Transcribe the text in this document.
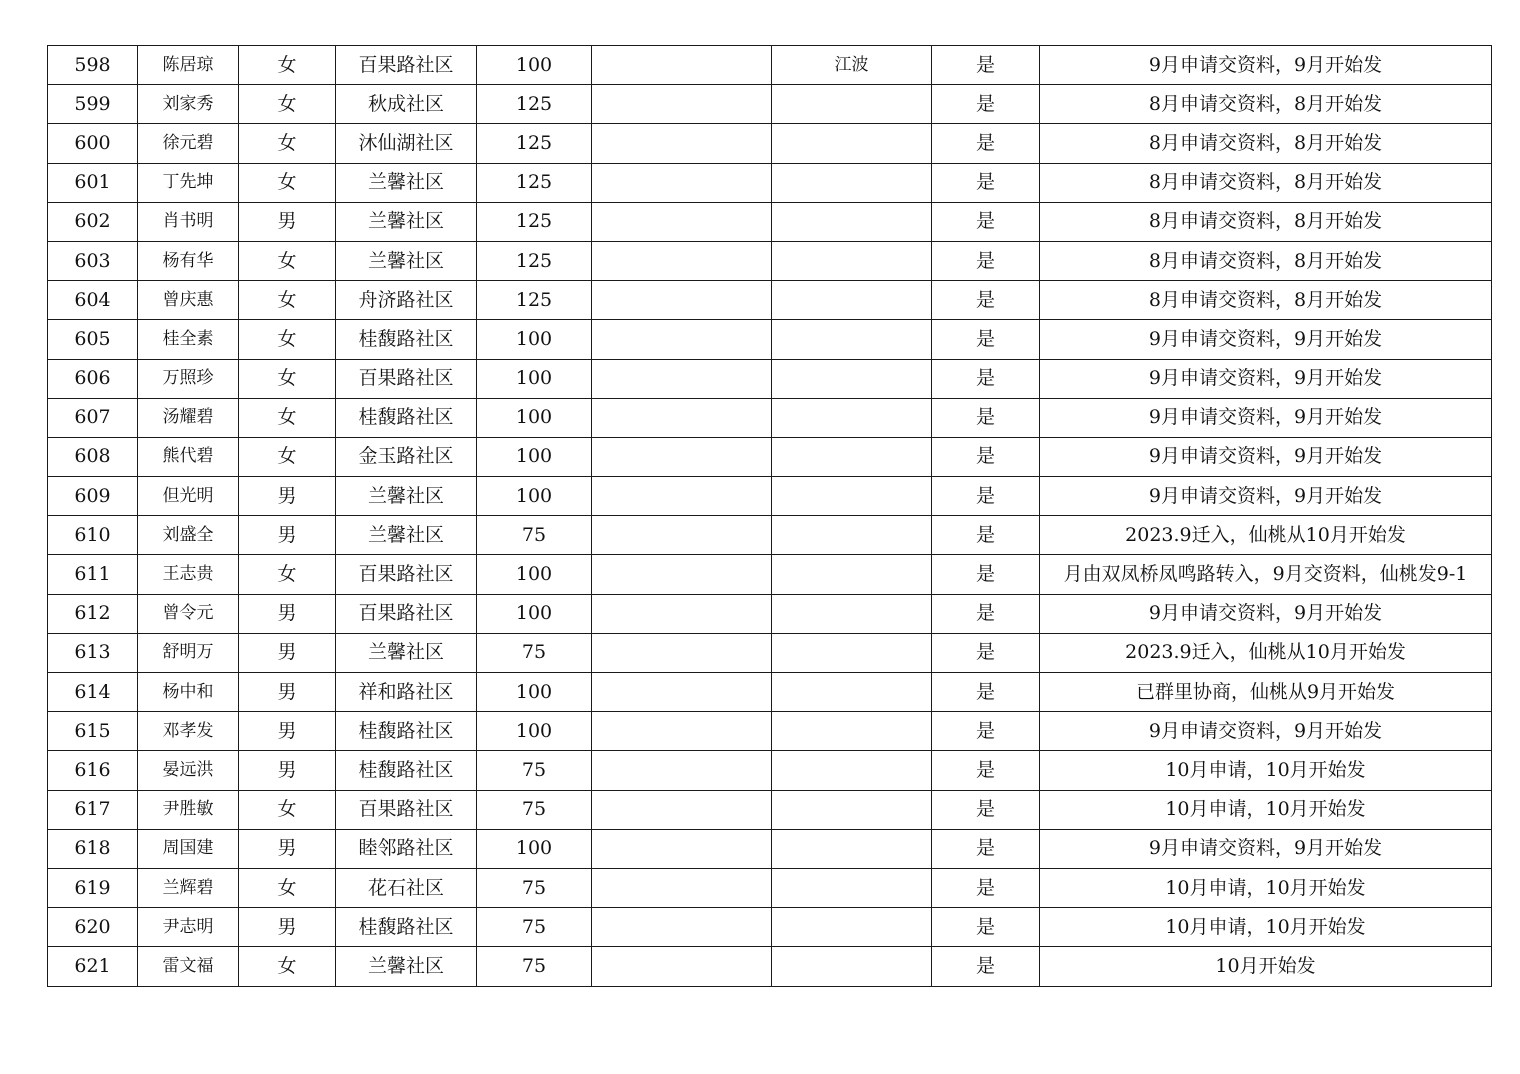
598	陈居琼	女	百果路社区	100		江波	是	9月申请交资料，9月开始发
599	刘家秀	女	秋成社区	125			是	8月申请交资料，8月开始发
600	徐元碧	女	沐仙湖社区	125			是	8月申请交资料，8月开始发
601	丁先坤	女	兰馨社区	125			是	8月申请交资料，8月开始发
602	肖书明	男	兰馨社区	125			是	8月申请交资料，8月开始发
603	杨有华	女	兰馨社区	125			是	8月申请交资料，8月开始发
604	曾庆惠	女	舟济路社区	125			是	8月申请交资料，8月开始发
605	桂全素	女	桂馥路社区	100			是	9月申请交资料，9月开始发
606	万照珍	女	百果路社区	100			是	9月申请交资料，9月开始发
607	汤耀碧	女	桂馥路社区	100			是	9月申请交资料，9月开始发
608	熊代碧	女	金玉路社区	100			是	9月申请交资料，9月开始发
609	但光明	男	兰馨社区	100			是	9月申请交资料，9月开始发
610	刘盛全	男	兰馨社区	75			是	2023.9迁入，仙桃从10月开始发
611	王志贵	女	百果路社区	100			是	月由双凤桥凤鸣路转入，9月交资料，仙桃发9-1
612	曾令元	男	百果路社区	100			是	9月申请交资料，9月开始发
613	舒明万	男	兰馨社区	75			是	2023.9迁入，仙桃从10月开始发
614	杨中和	男	祥和路社区	100			是	已群里协商，仙桃从9月开始发
615	邓孝发	男	桂馥路社区	100			是	9月申请交资料，9月开始发
616	晏远洪	男	桂馥路社区	75			是	10月申请，10月开始发
617	尹胜敏	女	百果路社区	75			是	10月申请，10月开始发
618	周国建	男	睦邻路社区	100			是	9月申请交资料，9月开始发
619	兰辉碧	女	花石社区	75			是	10月申请，10月开始发
620	尹志明	男	桂馥路社区	75			是	10月申请，10月开始发
621	雷文福	女	兰馨社区	75			是	10月开始发
